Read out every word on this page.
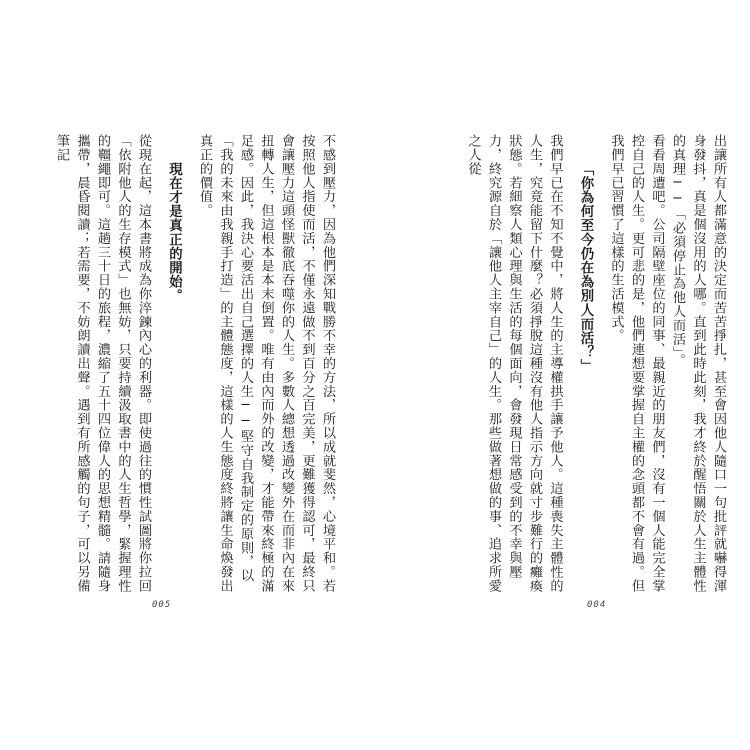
出讓所有人都滿意的決定而苦苦掙扎，甚至會因他人隨口一句批評就嚇得渾身發抖，真是個沒用的人哪。直到此時此刻，我才終於醒悟關於人生主體性的真理──「必須停止為他人而活」。

看看周遭吧。公司隔壁座位的同事、最親近的朋友們，沒有一個人能完全掌控自己的人生。更可悲的是，他們連想要掌握自主權的念頭都不會有過。但我們早已習慣了這樣的生活模式。

「你為何至今仍在為別人而活？」

我們早已在不知不覺中，將人生的主導權拱手讓予他人。這種喪失主體性的人生，究竟能留下什麼？必須掙脫這種沒有他人指示方向就寸步難行的癱瘓狀態。若細察人類心理與生活的每個面向，會發現日常感受到的不幸與壓力，終究源自於「讓他人主宰自己」的人生。那些做著想做的事、追求所愛之人從

004

不感到壓力，因為他們深知戰勝不幸的方法，所以成就斐然，心境平和。若按照他人指使而活，不僅永遠做不到百分之百完美，更難獲得認可，最終只會讓壓力這頭怪獸徹底吞噬你的人生。多數人總想透過改變外在而非內在來扭轉人生，但這根本是本末倒置。唯有由內而外的改變，才能帶來終極的滿足感。因此，我決心要活出自己選擇的人生──堅守自我制定的原則，以「我的未來由我親手打造」的主體態度，這樣的人生態度終將讓生命煥發出真正的價值。

現在才是真正的開始。

從現在起，這本書將成為你淬鍊內心的利器。即使過往的慣性試圖將你拉回「依附他人的生存模式」也無妨，只要持續汲取書中的人生哲學，緊握理性的韁繩即可。這趟三十日的旅程，濃縮了五十四位偉人的思想精髓。請隨身攜帶，晨昏閱讀；若需要，不妨朗讀出聲。遇到有所感觸的句子，可以另備筆記

005
